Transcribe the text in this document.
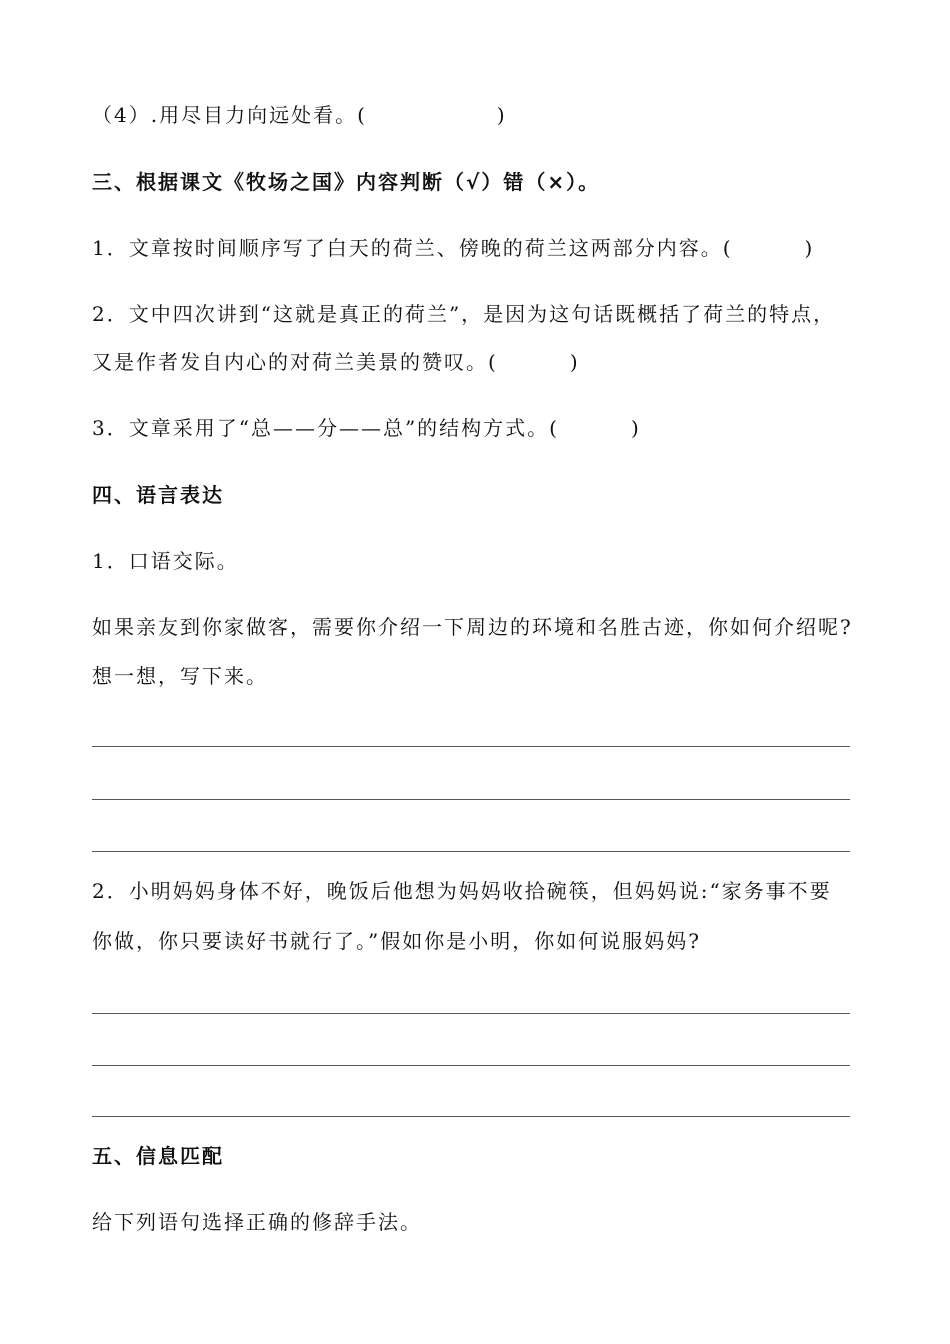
（4）.用尽目力向远处看。(	)
三、根据课文《牧场之国》内容判断（√）错（×）。
1．文章按时间顺序写了白天的荷兰、傍晚的荷兰这两部分内容。(	)
2．文中四次讲到“这就是真正的荷兰”，是因为这句话既概括了荷兰的特点，
又是作者发自内心的对荷兰美景的赞叹。(	)
3．文章采用了“总——分——总”的结构方式。(	)
四、语言表达
1．口语交际。
如果亲友到你家做客，需要你介绍一下周边的环境和名胜古迹，你如何介绍呢?
想一想，写下来。
2．小明妈妈身体不好，晚饭后他想为妈妈收拾碗筷，但妈妈说:“家务事不要
你做，你只要读好书就行了。”假如你是小明，你如何说服妈妈?
五、信息匹配
给下列语句选择正确的修辞手法。
